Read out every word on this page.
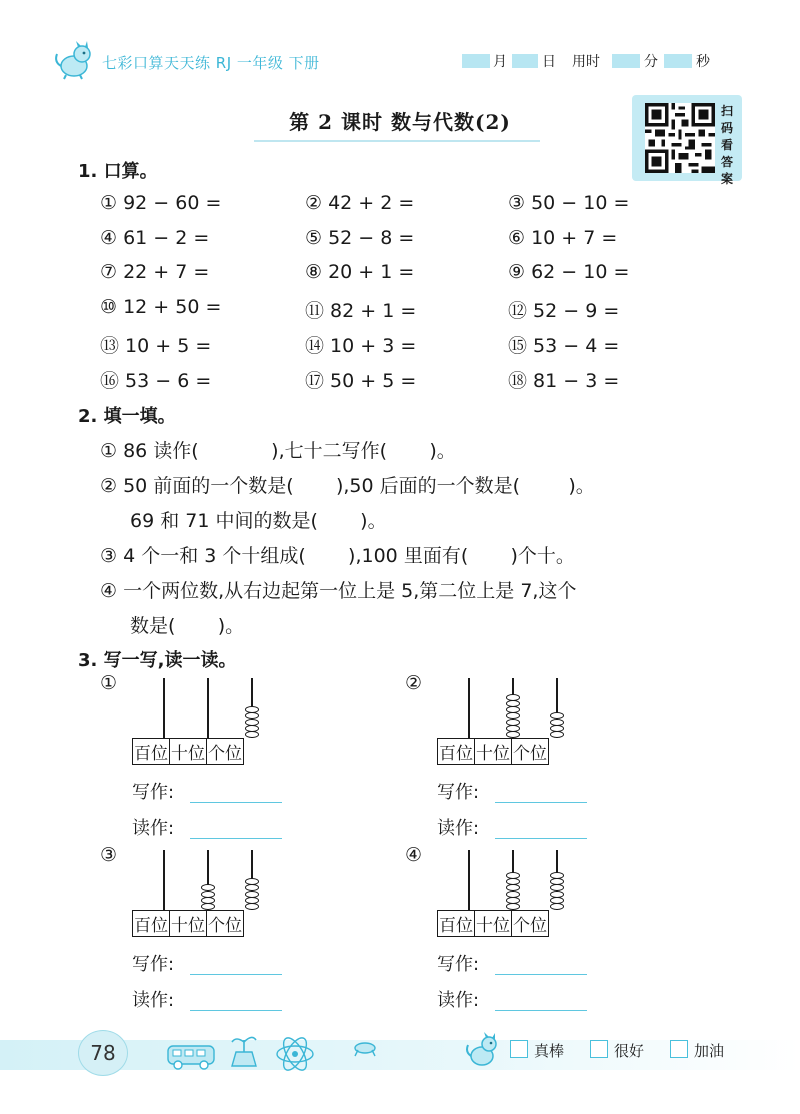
七彩口算天天练 RJ 一年级 下册	月	日 用时	分	秒
第 2 课时 数与代数(2)	扫
码
看
答
案
1. 口算。
① 92 − 60 =	② 42 + 2 =	③ 50 − 10 =
④ 61 − 2 =	⑤ 52 − 8 =	⑥ 10 + 7 =
⑦ 22 + 7 =	⑧ 20 + 1 =	⑨ 62 − 10 =
⑩ 12 + 50 =	⑪ 82 + 1 =	⑫ 52 − 9 =
⑬ 10 + 5 =	⑭ 10 + 3 =	⑮ 53 − 4 =
⑯ 53 − 6 =	⑰ 50 + 5 =	⑱ 81 − 3 =
2. 填一填。
① 86 读作(            ),七十二写作(       )。
② 50 前面的一个数是(       ),50 后面的一个数是(        )。
69 和 71 中间的数是(       )。
③ 4 个一和 3 个十组成(       ),100 里面有(       )个十。
④ 一个两位数,从右边起第一位上是 5,第二位上是 7,这个
数是(       )。
3. 写一写,读一读。
①
百位	十位	个位
写作:
读作:
②
百位	十位	个位
写作:
读作:
③
百位	十位	个位
写作:
读作:
④
百位	十位	个位
写作:
读作:
78	真棒	很好	加油
